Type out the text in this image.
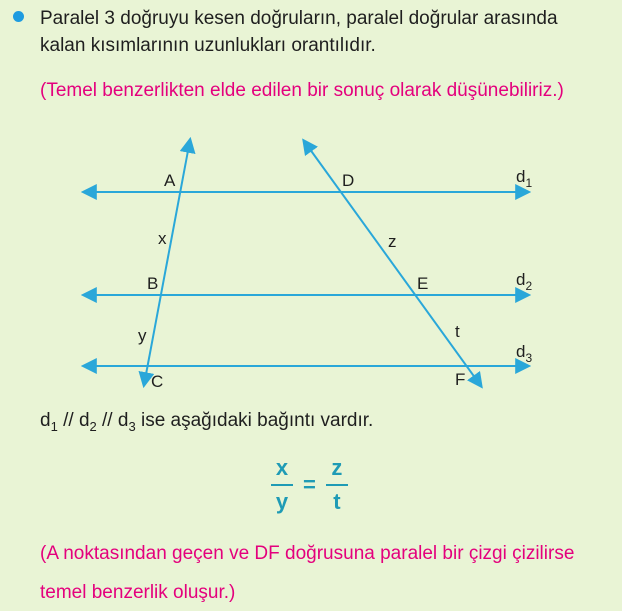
Paralel 3 doğruyu kesen doğruların, paralel doğrular arasında
kalan kısımlarının uzunlukları orantılıdır.

(Temel benzerlikten elde edilen bir sonuç olarak düşünebiliriz.)

A
B
C
D
E
F
x
y
z
t
$d_1$
$d_2$
$d_3$

$d_1 // d_2 // d_3$ ise aşağıdaki bağıntı vardır.

$\frac{x}{y} = \frac{z}{t}$

(A noktasından geçen ve DF doğrusuna paralel bir çizgi çizilirse

temel benzerlik oluşur.)
